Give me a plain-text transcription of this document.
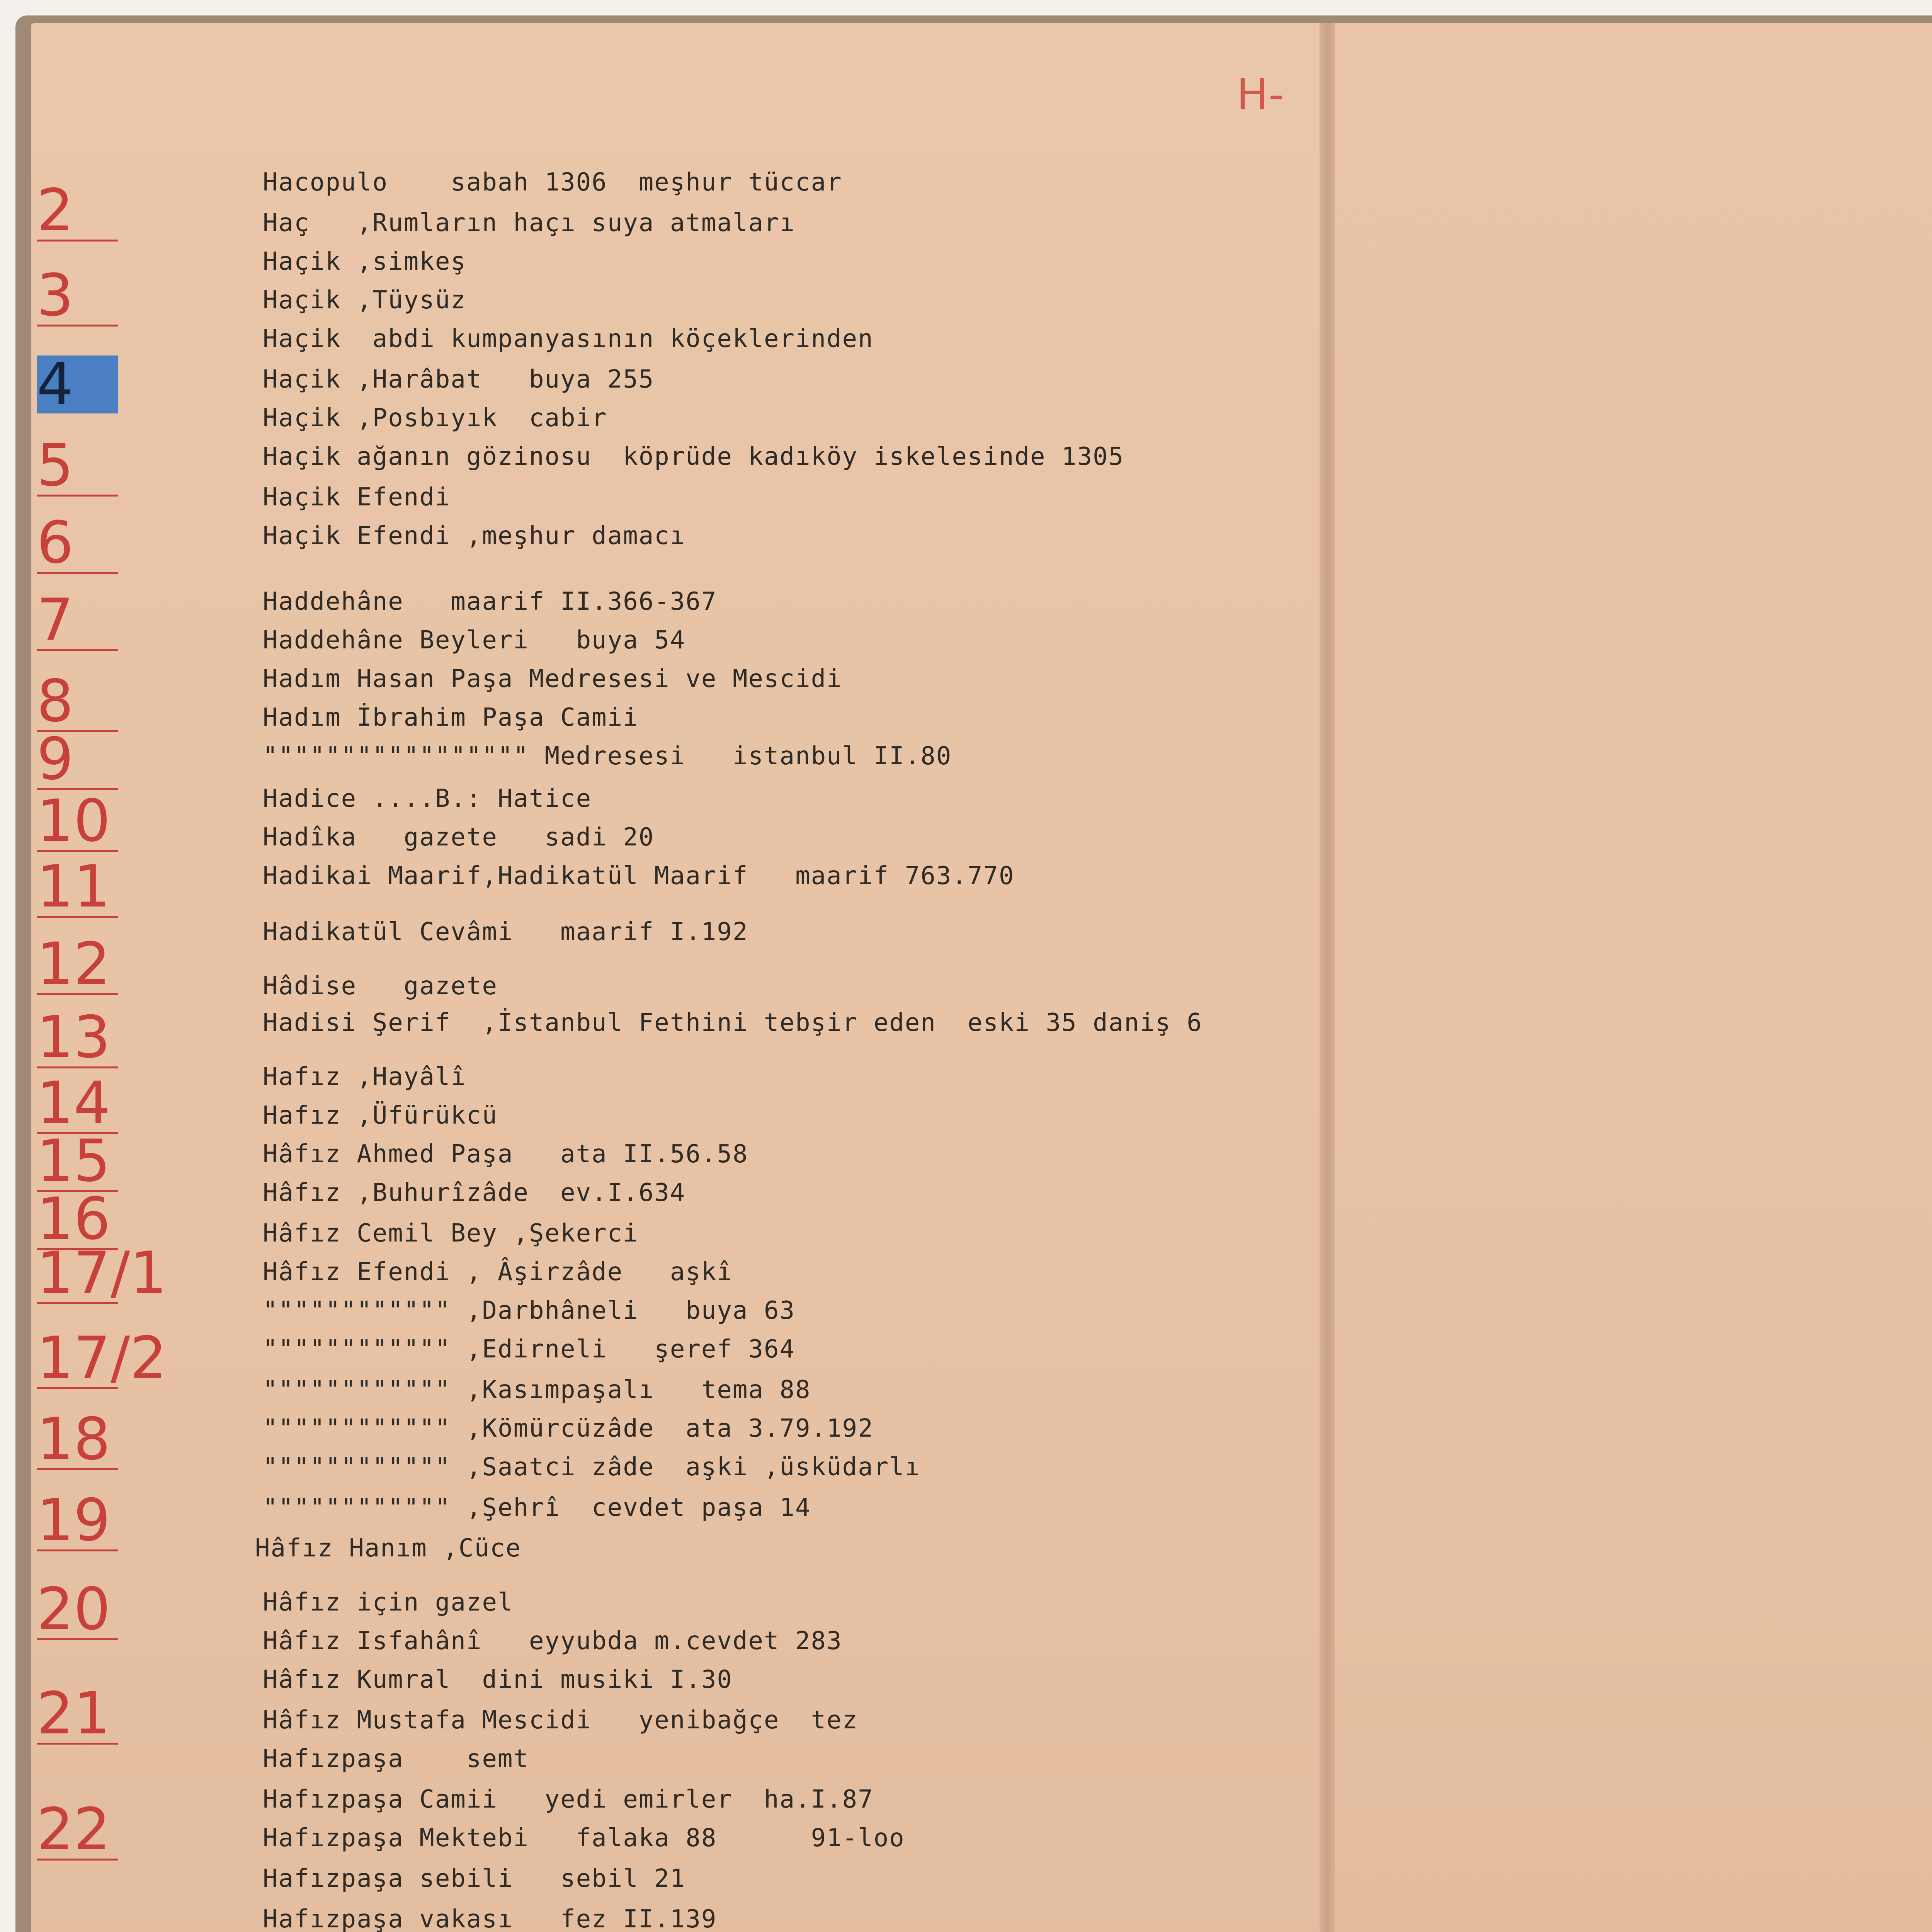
H-
2
3
4
5
6
7
8
9
10
11
12
13
14
15
16
17/1
17/2
18
19
20
21
22
Hacopulo    sabah 1306  meşhur tüccar
Haç   ,Rumların haçı suya atmaları
Haçik ,simkeş
Haçik ,Tüysüz
Haçik  abdi kumpanyasının köçeklerinden
Haçik ,Harâbat   buya 255
Haçik ,Posbıyık  cabir
Haçik ağanın gözinosu  köprüde kadıköy iskelesinde 1305
Haçik Efendi
Haçik Efendi ,meşhur damacı
Haddehâne   maarif II.366-367
Haddehâne Beyleri   buya 54
Hadım Hasan Paşa Medresesi ve Mescidi
Hadım İbrahim Paşa Camii
""""""""""""""""" Medresesi   istanbul II.80
Hadice ....B.: Hatice
Hadîka   gazete   sadi 20
Hadikai Maarif,Hadikatül Maarif   maarif 763.770
Hadikatül Cevâmi   maarif I.192
Hâdise   gazete
Hadisi Şerif  ,İstanbul Fethini tebşir eden  eski 35 daniş 6
Hafız ,Hayâlî
Hafız ,Üfürükcü
Hâfız Ahmed Paşa   ata II.56.58
Hâfız ,Buhurîzâde  ev.I.634
Hâfız Cemil Bey ,Şekerci
Hâfız Efendi , Âşirzâde   aşkî
"""""""""""" ,Darbhâneli   buya 63
"""""""""""" ,Edirneli   şeref 364
"""""""""""" ,Kasımpaşalı   tema 88
"""""""""""" ,Kömürcüzâde  ata 3.79.192
"""""""""""" ,Saatci zâde  aşki ,üsküdarlı
"""""""""""" ,Şehrî  cevdet paşa 14
Hâfız Hanım ,Cüce
Hâfız için gazel
Hâfız Isfahânî   eyyubda m.cevdet 283
Hâfız Kumral  dini musiki I.30
Hâfız Mustafa Mescidi   yenibağçe  tez
Hafızpaşa    semt
Hafızpaşa Camii   yedi emirler  ha.I.87
Hafızpaşa Mektebi   falaka 88      91-loo
Hafızpaşa sebili   sebil 21
Hafızpaşa vakası   fez II.139
